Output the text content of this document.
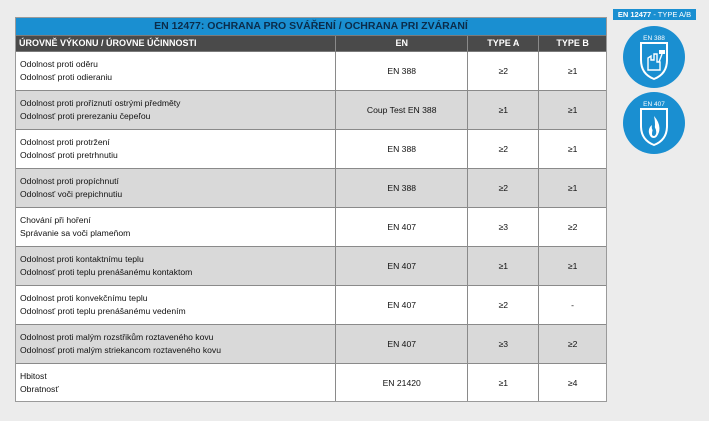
EN 12477: OCHRANA PRO SVÁŘENÍ / OCHRANA PRI ZVÁRANÍ
ÚROVNĚ VÝKONU / ÚROVNE ÚČINNOSTI	EN	TYPE A	TYPE B
Odolnost proti oděru
Odolnosť proti odieraniu
EN 388	≥2	≥1
Odolnost proti proříznutí ostrými předměty
Odolnosť proti prerezaniu čepeľou
Coup Test EN 388	≥1	≥1
Odolnost proti protržení
Odolnosť proti pretrhnutiu
EN 388	≥2	≥1
Odolnost proti propíchnutí
Odolnosť voči prepichnutiu
EN 388	≥2	≥1
Chování při hoření
Správanie sa voči plameňom
EN 407	≥3	≥2
Odolnost proti kontaktnímu teplu
Odolnosť proti teplu prenášanému kontaktom
EN 407	≥1	≥1
Odolnost proti konvekčnímu teplu
Odolnosť proti teplu prenášanému vedením
EN 407	≥2	-
Odolnost proti malým rozstřikům roztaveného kovu
Odolnosť proti malým striekancom roztaveného kovu
EN 407	≥3	≥2
Hbitost
Obratnosť
EN 21420	≥1	≥4
EN 12477 - TYPE A/B
EN 388
EN 407
